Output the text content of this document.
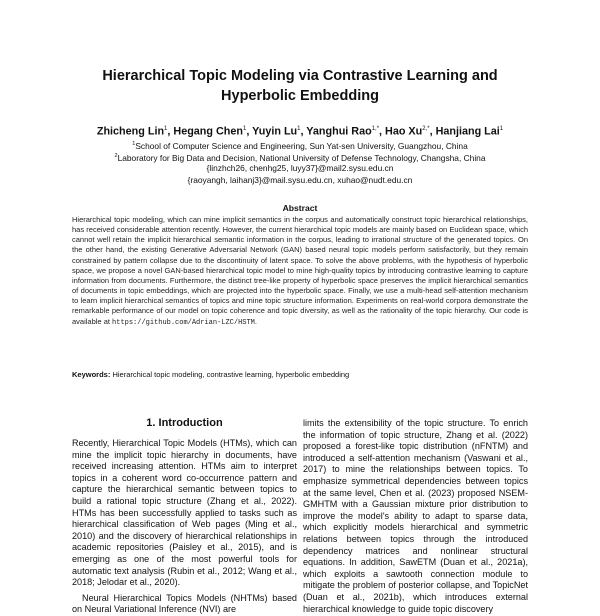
Hierarchical Topic Modeling via Contrastive Learning and
Hyperbolic Embedding
Zhicheng Lin$^1$, Hegang Chen$^1$, Yuyin Lu$^1$, Yanghui Rao$^{1,*}$, Hao $Xu^{2,*}$, Hanjiang Lai$^1$
$^1$School of Computer Science and Engineering, Sun Yat-sen University, Guangzhou, China
$^2$Laboratory for Big Data and Decision, National University of Defense Technology, Changsha, China
{linzhch26, chenhg25, luyy37}@mail2.sysu.edu.cn
{raoyangh, laihanj3}@mail.sysu.edu.cn, xuhao@nudt.edu.cn
Abstract
Hierarchical topic modeling, which can mine implicit semantics in the corpus and automatically construct topic hierarchical relationships, has received considerable attention recently. However, the current hierarchical topic models are mainly based on Euclidean space, which cannot well retain the implicit hierarchical semantic information in the corpus, leading to irrational structure of the generated topics. On the other hand, the existing Generative Adversarial Network (GAN) based neural topic models perform satisfactorily, but they remain constrained by pattern collapse due to the discontinuity of latent space. To solve the above problems, with the hypothesis of hyperbolic space, we propose a novel GAN-based hierarchical topic model to mine high-quality topics by introducing contrastive learning to capture information from documents. Furthermore, the distinct tree-like property of hyperbolic space preserves the implicit hierarchical semantics of documents in topic embeddings, which are projected into the hyperbolic space. Finally, we use a multi-head self-attention mechanism to learn implicit hierarchical semantics of topics and mine topic structure information. Experiments on real-world corpora demonstrate the remarkable performance of our model on topic coherence and topic diversity, as well as the rationality of the topic hierarchy. Our code is available at https://github.com/Adrian-LZC/HSTM.
Keywords: Hierarchical topic modeling, contrastive learning, hyperbolic embedding
1. Introduction

Recently, Hierarchical Topic Models (HTMs), which can mine the implicit topic hierarchy in documents, have received increasing attention. HTMs aim to interpret topics in a coherent word co-occurrence pattern and capture the hierarchical semantic between topics to build a rational topic structure (Zhang et al., 2022). HTMs has been successfully applied to tasks such as hierarchical classification of Web pages (Ming et al., 2010) and the discovery of hierarchical relationships in academic repositories (Paisley et al., 2015), and is emerging as one of the most powerful tools for automatic text analysis (Rubin et al., 2012; Wang et al., 2018; Jelodar et al., 2020).

Neural Hierarchical Topics Models (NHTMs) based on Neural Variational Inference (NVI) are

limits the extensibility of the topic structure. To enrich the information of topic structure, Zhang et al. (2022) proposed a forest-like topic distribution (nFNTM) and introduced a self-attention mechanism (Vaswani et al., 2017) to mine the relationships between topics. To emphasize symmetrical dependencies between topics at the same level, Chen et al. (2023) proposed NSEM-GMHTM with a Gaussian mixture prior distribution to improve the model's ability to adapt to sparse data, which explicitly models hierarchical and symmetric relations between topics through the introduced dependency matrices and nonlinear structural equations. In addition, SawETM (Duan et al., 2021a), which exploits a sawtooth connection module to mitigate the problem of posterior collapse, and TopicNet (Duan et al., 2021b), which introduces external hierarchical knowledge to guide topic discovery
